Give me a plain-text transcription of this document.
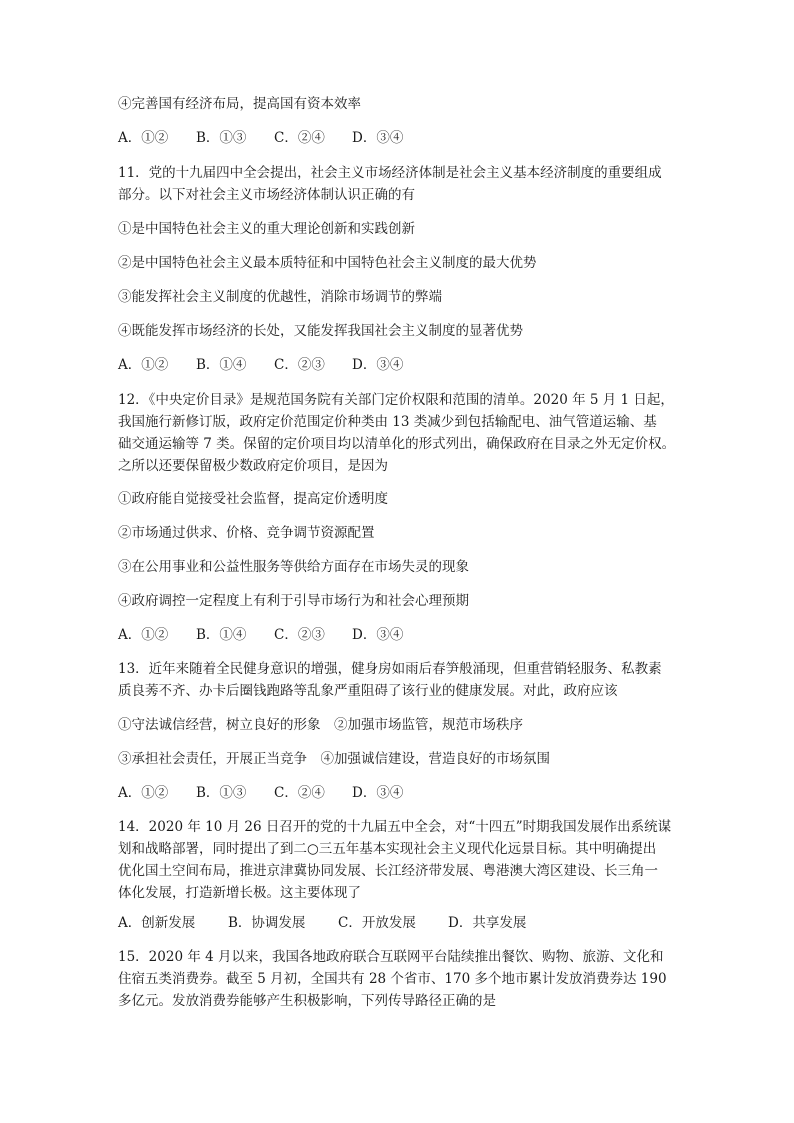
④完善国有经济布局，提高国有资本效率

A．①② B．①③ C．②④ D．③④

11．党的十九届四中全会提出，社会主义市场经济体制是社会主义基本经济制度的重要组成

部分。以下对社会主义市场经济体制认识正确的有

①是中国特色社会主义的重大理论创新和实践创新

②是中国特色社会主义最本质特征和中国特色社会主义制度的最大优势

③能发挥社会主义制度的优越性，消除市场调节的弊端

④既能发挥市场经济的长处，又能发挥我国社会主义制度的显著优势

A．①② B．①④ C．②③ D．③④

12．《中央定价目录》是规范国务院有关部门定价权限和范围的清单。2020 年 5 月 1 日起，

我国施行新修订版，政府定价范围定价种类由 13 类减少到包括输配电、油气管道运输、基

础交通运输等 7 类。保留的定价项目均以清单化的形式列出，确保政府在目录之外无定价权。

之所以还要保留极少数政府定价项目，是因为

①政府能自觉接受社会监督，提高定价透明度

②市场通过供求、价格、竞争调节资源配置

③在公用事业和公益性服务等供给方面存在市场失灵的现象

④政府调控一定程度上有利于引导市场行为和社会心理预期

A．①② B．①④ C．②③ D．③④

13．近年来随着全民健身意识的增强，健身房如雨后春笋般涌现，但重营销轻服务、私教素

质良莠不齐、办卡后圈钱跑路等乱象严重阻碍了该行业的健康发展。对此，政府应该

①守法诚信经营，树立良好的形象　②加强市场监管，规范市场秩序

③承担社会责任，开展正当竞争　④加强诚信建设，营造良好的市场氛围

A．①② B．①③ C．②④ D．③④

14．2020 年 10 月 26 日召开的党的十九届五中全会，对“十四五”时期我国发展作出系统谋

划和战略部署，同时提出了到二○三五年基本实现社会主义现代化远景目标。其中明确提出

优化国土空间布局，推进京津冀协同发展、长江经济带发展、粤港澳大湾区建设、长三角一

体化发展，打造新增长极。这主要体现了

A．创新发展 B．协调发展 C．开放发展 D．共享发展

15．2020 年 4 月以来，我国各地政府联合互联网平台陆续推出餐饮、购物、旅游、文化和

住宿五类消费券。截至 5 月初，全国共有 28 个省市、170 多个地市累计发放消费券达 190

多亿元。发放消费券能够产生积极影响，下列传导路径正确的是
